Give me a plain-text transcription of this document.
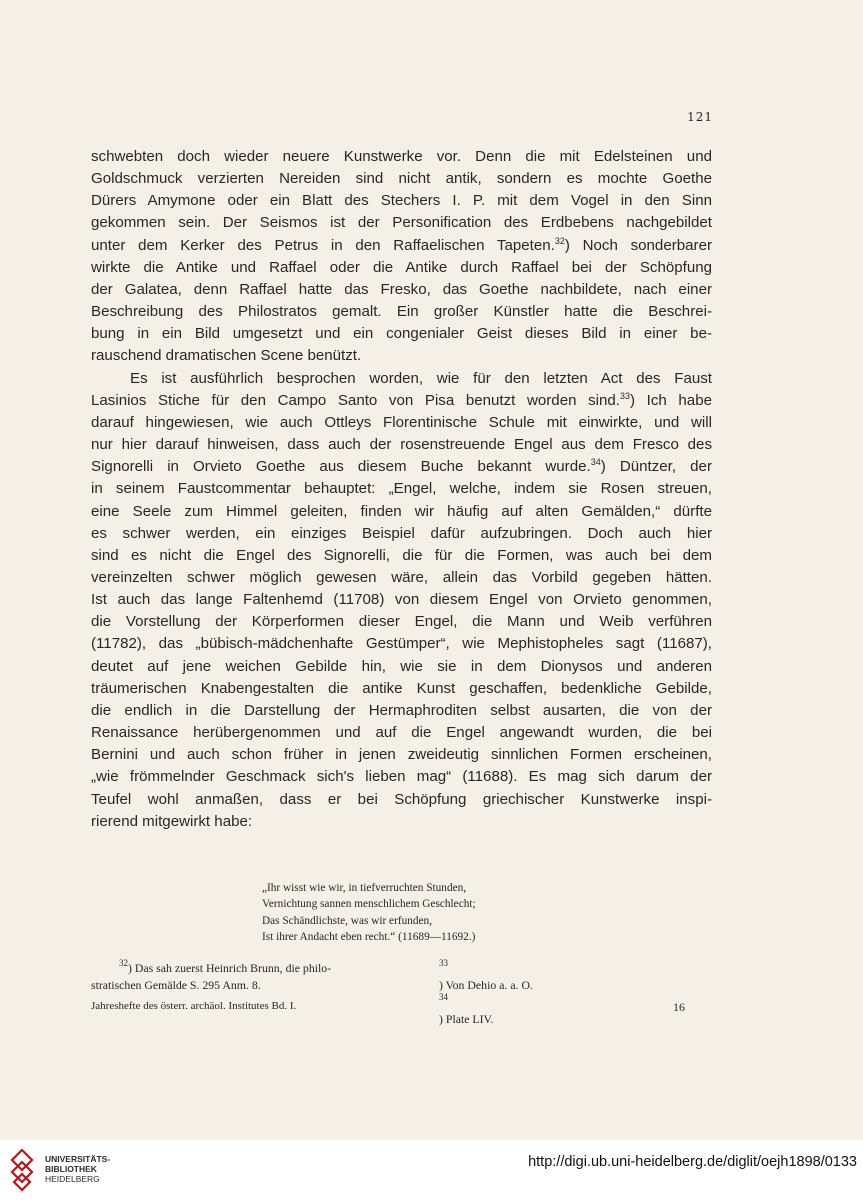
121
schwebten doch wieder neuere Kunstwerke vor. Denn die mit Edelsteinen und
Goldschmuck verzierten Nereiden sind nicht antik, sondern es mochte Goethe
Dürers Amymone oder ein Blatt des Stechers I. P. mit dem Vogel in den Sinn
gekommen sein. Der Seismos ist der Personification des Erdbebens nachgebildet
unter dem Kerker des Petrus in den Raffaelischen Tapeten.$^{32}$) Noch sonderbarer
wirkte die Antike und Raffael oder die Antike durch Raffael bei der Schöpfung
der Galatea, denn Raffael hatte das Fresko, das Goethe nachbildete, nach einer
Beschreibung des Philostratos gemalt. Ein großer Künstler hatte die Beschrei-
bung in ein Bild umgesetzt und ein congenialer Geist dieses Bild in einer be-
rauschend dramatischen Scene benützt.
Es ist ausführlich besprochen worden, wie für den letzten Act des Faust
Lasinios Stiche für den Campo Santo von Pisa benutzt worden sind.$^{33}$) Ich habe
darauf hingewiesen, wie auch Ottleys Florentinische Schule mit einwirkte, und will
nur hier darauf hinweisen, dass auch der rosenstreuende Engel aus dem Fresco des
Signorelli in Orvieto Goethe aus diesem Buche bekannt wurde.$^{34}$) Düntzer, der
in seinem Faustcommentar behauptet: „Engel, welche, indem sie Rosen streuen,
eine Seele zum Himmel geleiten, finden wir häufig auf alten Gemälden,“ dürfte
es schwer werden, ein einziges Beispiel dafür aufzubringen. Doch auch hier
sind es nicht die Engel des Signorelli, die für die Formen, was auch bei dem
vereinzelten schwer möglich gewesen wäre, allein das Vorbild gegeben hätten.
Ist auch das lange Faltenhemd (11708) von diesem Engel von Orvieto genommen,
die Vorstellung der Körperformen dieser Engel, die Mann und Weib verführen
(11782), das „bübisch-mädchenhafte Gestümper“, wie Mephistopheles sagt (11687),
deutet auf jene weichen Gebilde hin, wie sie in dem Dionysos und anderen
träumerischen Knabengestalten die antike Kunst geschaffen, bedenkliche Gebilde,
die endlich in die Darstellung der Hermaphroditen selbst ausarten, die von der
Renaissance herübergenommen und auf die Engel angewandt wurden, die bei
Bernini und auch schon früher in jenen zweideutig sinnlichen Formen erscheinen,
„wie frömmelnder Geschmack sich's lieben mag“ (11688). Es mag sich darum der
Teufel wohl anmaßen, dass er bei Schöpfung griechischer Kunstwerke inspi-
rierend mitgewirkt habe:
„Ihr wisst wie wir, in tiefverruchten Stunden,
Vernichtung sannen menschlichem Geschlecht;
Das Schändlichste, was wir erfunden,
Ist ihrer Andacht eben recht.“ (11689—11692.)
$^{32}$) Das sah zuerst Heinrich Brunn, die philo-
stratischen Gemälde S. 295 Anm. 8.
$^{33}$
) Von Dehio a. a. O.
$^{34}$
) Plate LIV.
Jahreshefte des österr. archäol. Institutes Bd. I.	16
UNIVERSITÄTS-
BIBLIOTHEK
HEIDELBERG
http://digi.ub.uni-heidelberg.de/diglit/oejh1898/0133
